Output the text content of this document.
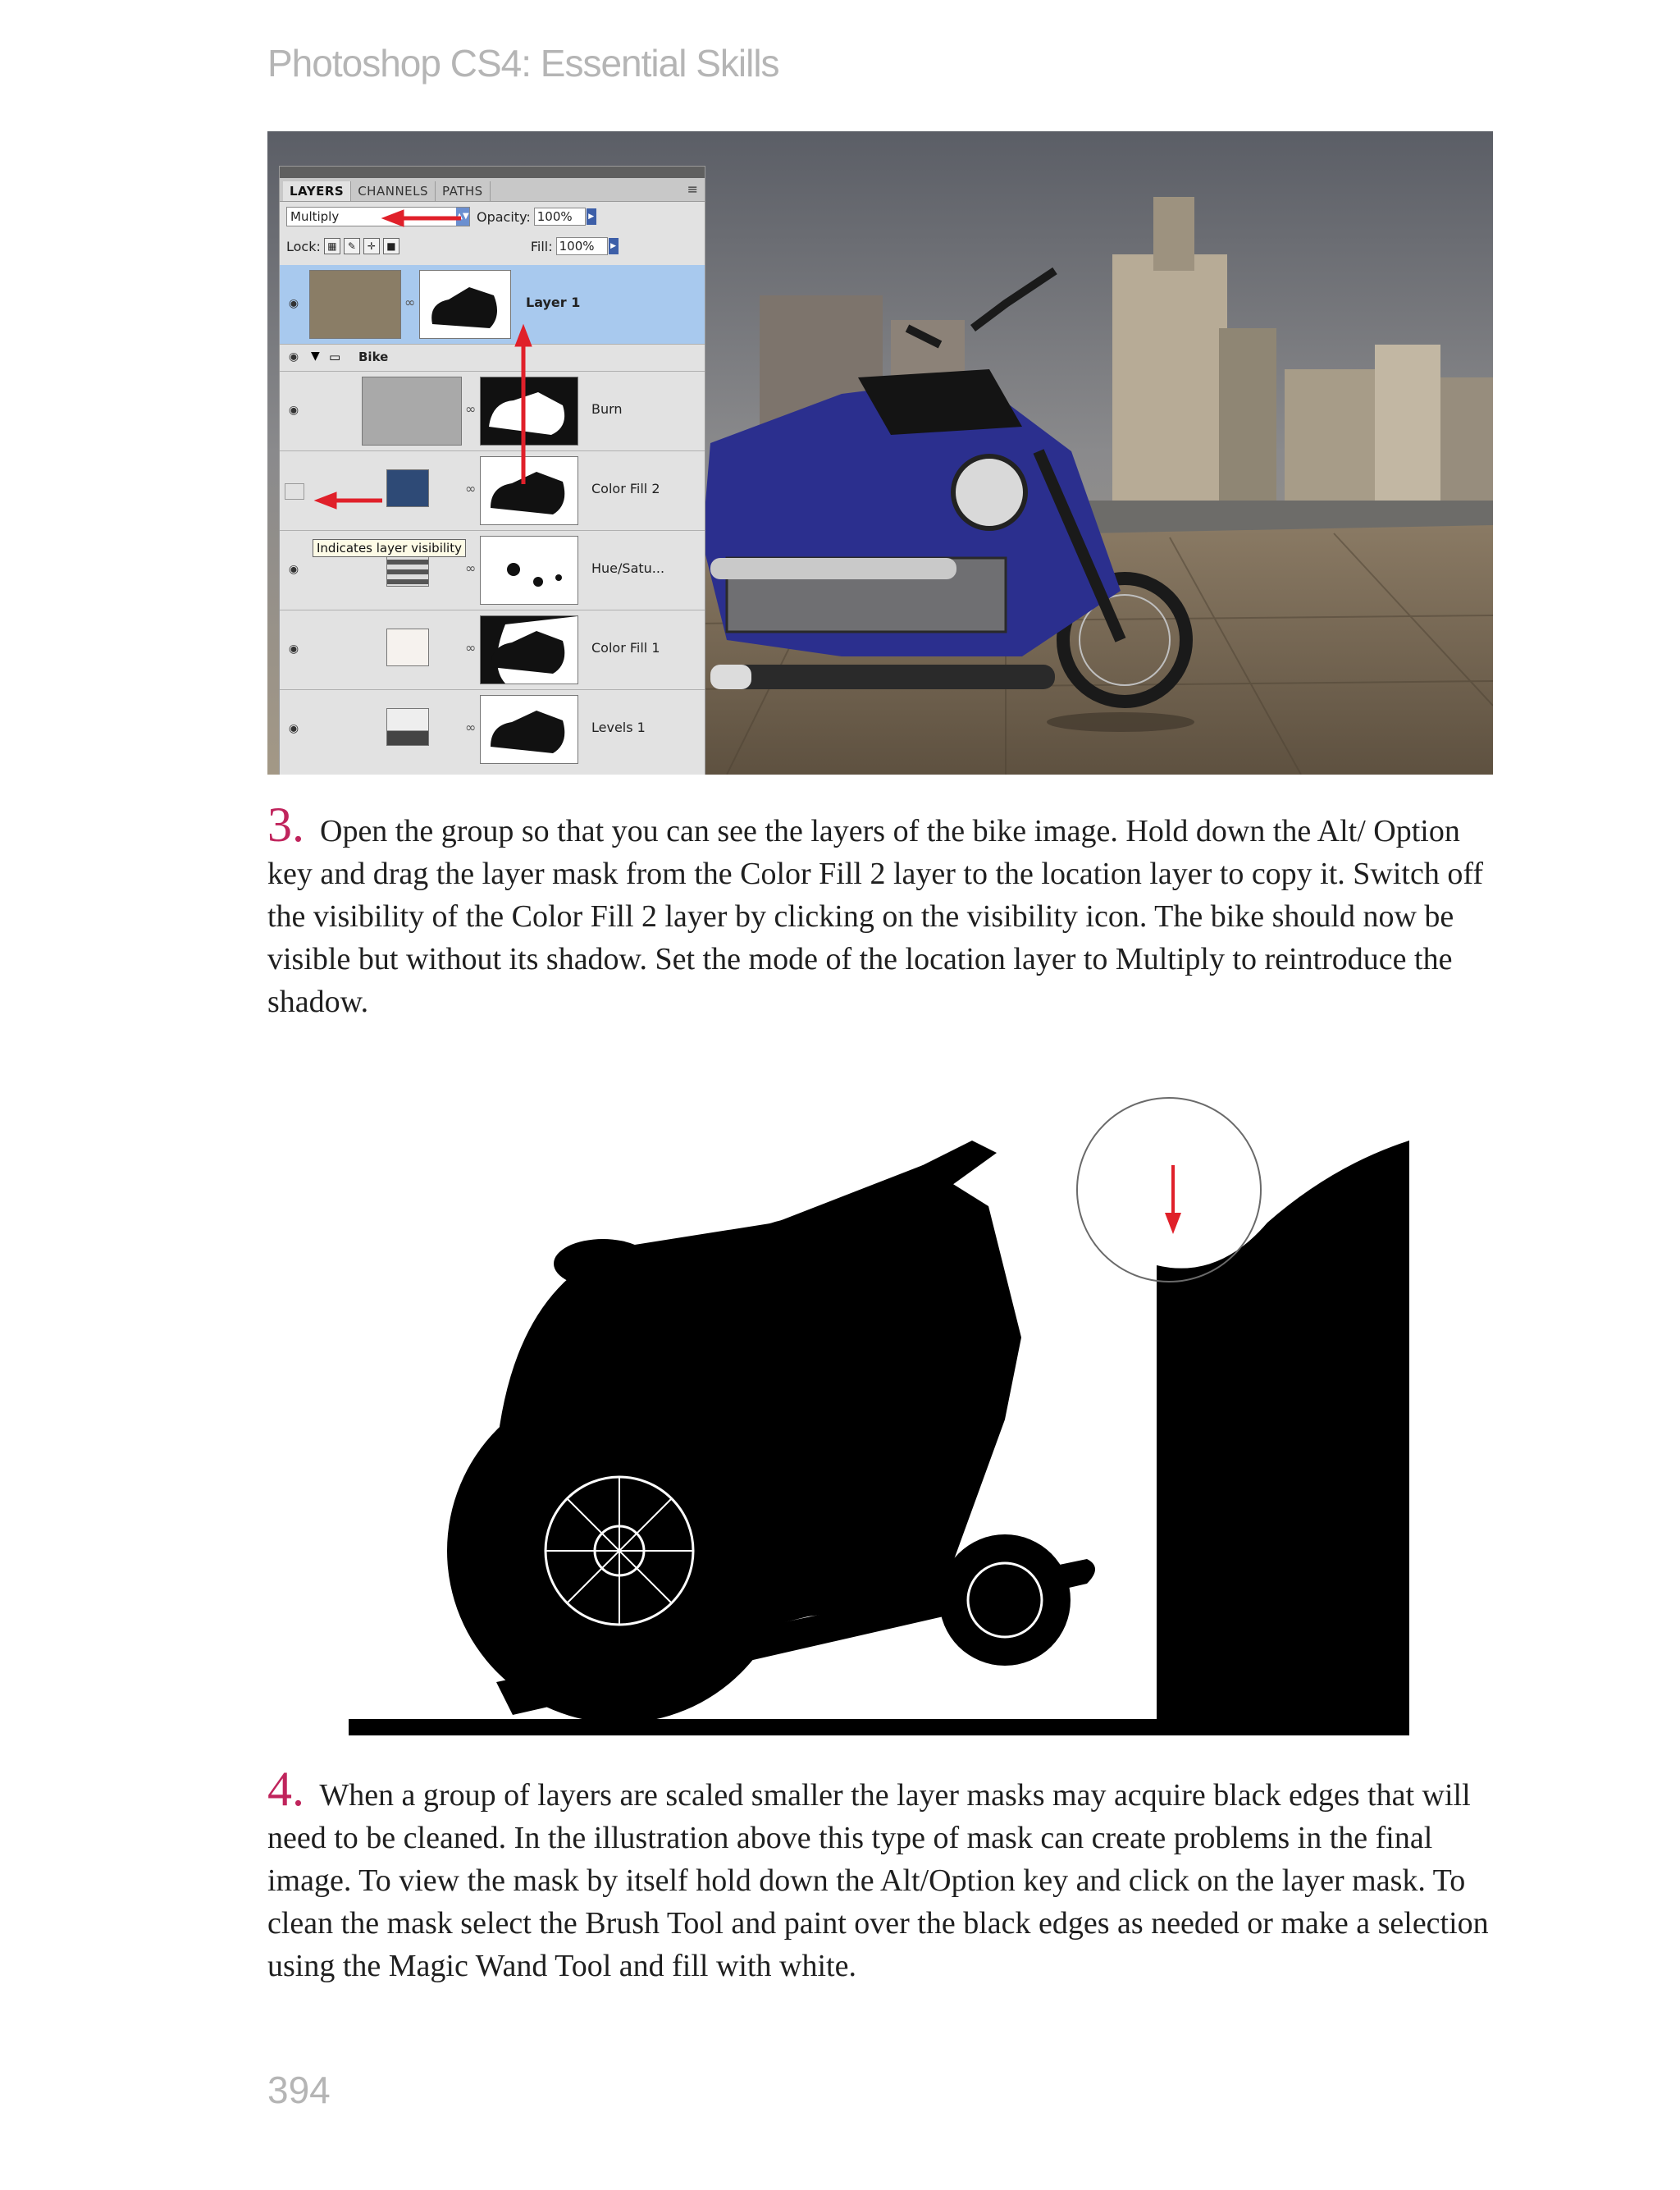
Photoshop CS4: Essential Skills
LAYERS	CHANNELS	PATHS	≡
Multiply	▲▼ Opacity: 100%	▶
Lock: ▦	✎	✛	■	Fill: 100%	▶
◉	∞	Layer 1
◉	▼ ▭ Bike
◉	∞	Burn
∞	Color Fill 2
◉	∞	Hue/Satu...
◉	∞	Color Fill 1
◉	∞	Levels 1
Indicates layer visibility
3. Open the group so that you can see the layers of the bike image. Hold down the Alt/ Option key and drag the layer mask from the Color Fill 2 layer to the location layer to copy it. Switch off the visibility of the Color Fill 2 layer by clicking on the visibility icon. The bike should now be visible but without its shadow. Set the mode of the location layer to Multiply to reintroduce the shadow.
4. When a group of layers are scaled smaller the layer masks may acquire black edges that will need to be cleaned. In the illustration above this type of mask can create problems in the final image. To view the mask by itself hold down the Alt/Option key and click on the layer mask. To clean the mask select the Brush Tool and paint over the black edges as needed or make a selection using the Magic Wand Tool and fill with white.
394
